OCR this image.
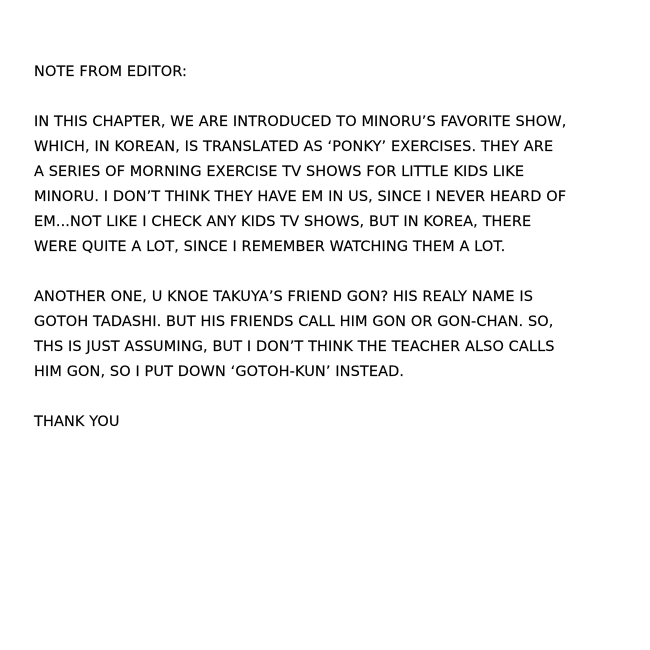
NOTE FROM EDITOR:

IN THIS CHAPTER, WE ARE INTRODUCED TO MINORU’S FAVORITE SHOW,
WHICH, IN KOREAN, IS TRANSLATED AS ‘PONKY’ EXERCISES. THEY ARE
A SERIES OF MORNING EXERCISE TV SHOWS FOR LITTLE KIDS LIKE
MINORU. I DON’T THINK THEY HAVE EM IN US, SINCE I NEVER HEARD OF
EM...NOT LIKE I CHECK ANY KIDS TV SHOWS, BUT IN KOREA, THERE
WERE QUITE A LOT, SINCE I REMEMBER WATCHING THEM A LOT.

ANOTHER ONE, U KNOE TAKUYA’S FRIEND GON? HIS REALY NAME IS
GOTOH TADASHI. BUT HIS FRIENDS CALL HIM GON OR GON-CHAN. SO,
THS IS JUST ASSUMING, BUT I DON’T THINK THE TEACHER ALSO CALLS
HIM GON, SO I PUT DOWN ‘GOTOH-KUN’ INSTEAD.

THANK YOU
